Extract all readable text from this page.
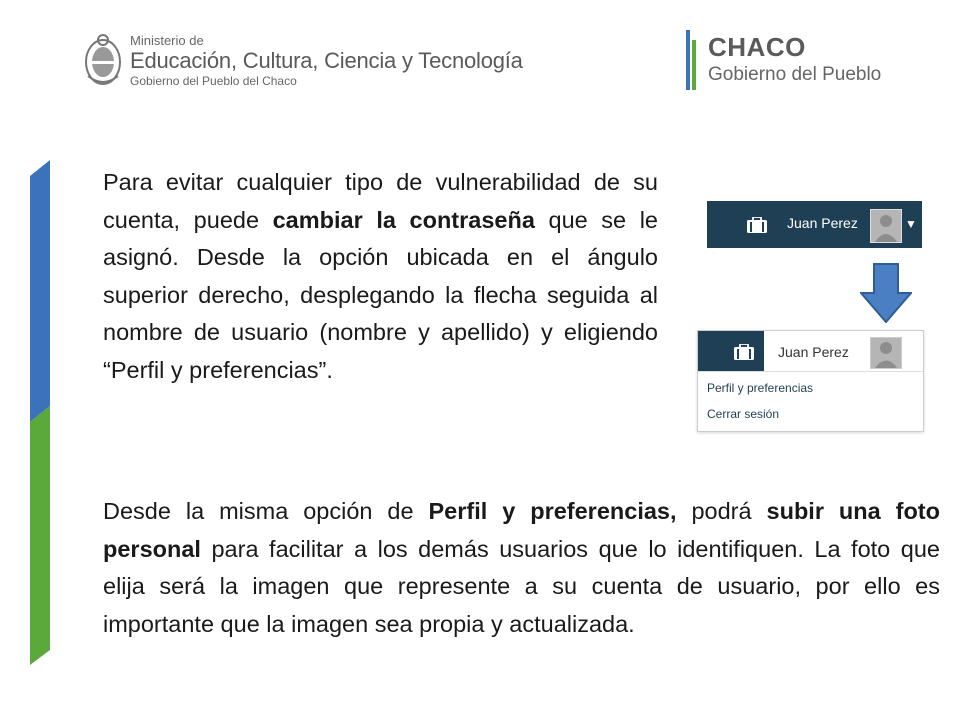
Ministerio de
Educación, Cultura, Ciencia y Tecnología
Gobierno del Pueblo del Chaco
CHACO
Gobierno del Pueblo
Para evitar cualquier tipo de vulnerabilidad de su cuenta, puede cambiar la contraseña que se le asignó. Desde la opción ubicada en el ángulo superior derecho, desplegando la flecha seguida al nombre de usuario (nombre y apellido) y eligiendo “Perfil y preferencias”.
Juan Perez	▼
Juan Perez
Perfil y preferencias
Cerrar sesión
Desde la misma opción de Perfil y preferencias, podrá subir una foto personal para facilitar a los demás usuarios que lo identifiquen. La foto que elija será la imagen que represente a su cuenta de usuario, por ello es importante que la imagen sea propia y actualizada.
